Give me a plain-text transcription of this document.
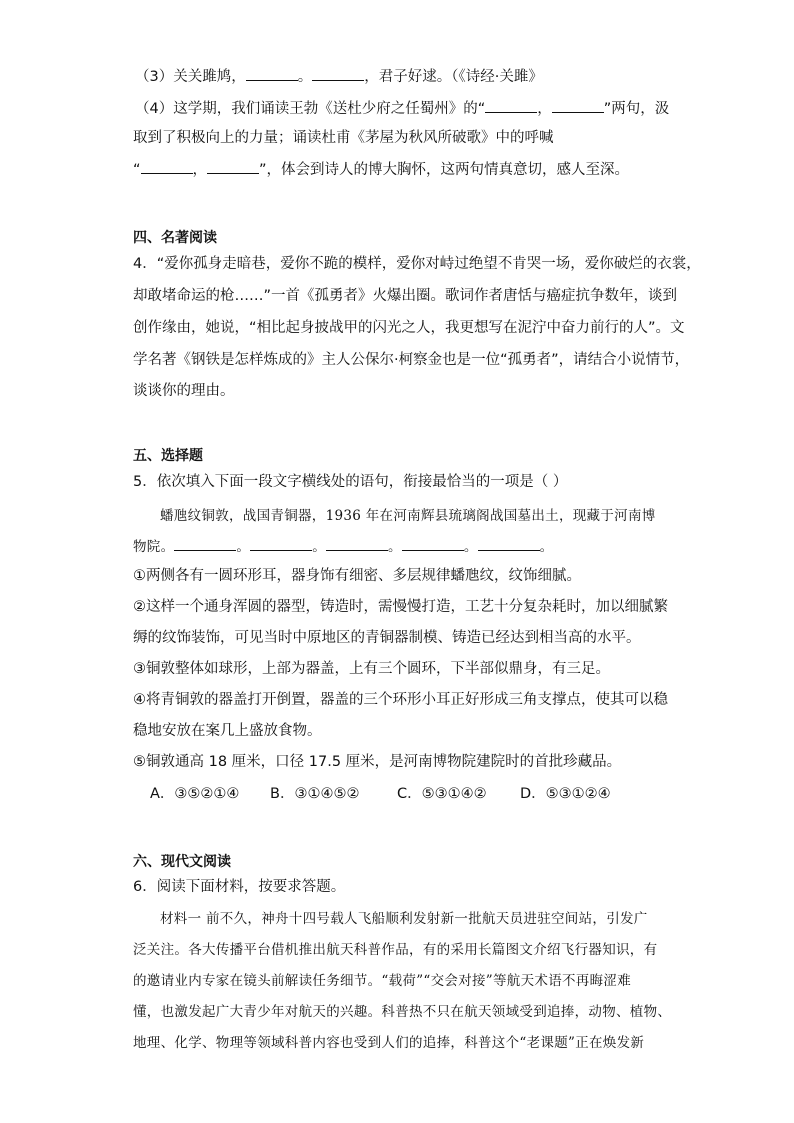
（3）关关雎鸠，	。	，君子好逑。（《诗经·关雎》
（4）这学期，我们诵读王勃《送杜少府之任蜀州》的“	，	”两句，汲
取到了积极向上的力量；诵读杜甫《茅屋为秋风所破歌》中的呼喊
“	，	”，体会到诗人的博大胸怀，这两句情真意切，感人至深。
四、名著阅读
4．“爱你孤身走暗巷，爱你不跪的模样，爱你对峙过绝望不肯哭一场，爱你破烂的衣裳，
却敢堵命运的枪……”一首《孤勇者》火爆出圈。歌词作者唐恬与癌症抗争数年，谈到
创作缘由，她说，“相比起身披战甲的闪光之人，我更想写在泥泞中奋力前行的人”。文
学名著《钢铁是怎样炼成的》主人公保尔·柯察金也是一位“孤勇者”，请结合小说情节，
谈谈你的理由。
五、选择题
5．依次填入下面一段文字横线处的语句，衔接最恰当的一项是（ ）
蟠虺纹铜敦，战国青铜器，1936 年在河南辉县琉璃阁战国墓出土，现藏于河南博
物院。	。	。	。	。	。
①两侧各有一圆环形耳，器身饰有细密、多层规律蟠虺纹，纹饰细腻。
②这样一个通身浑圆的器型，铸造时，需慢慢打造，工艺十分复杂耗时，加以细腻繁
缛的纹饰装饰，可见当时中原地区的青铜器制模、铸造已经达到相当高的水平。
③铜敦整体如球形，上部为器盖，上有三个圆环，下半部似鼎身，有三足。
④将青铜敦的器盖打开倒置，器盖的三个环形小耳正好形成三角支撑点，使其可以稳
稳地安放在案几上盛放食物。
⑤铜敦通高 18 厘米，口径 17.5 厘米，是河南博物院建院时的首批珍藏品。
A．③⑤②①④ B．③①④⑤②	C．⑤③①④② D．⑤③①②④
六、现代文阅读
6．阅读下面材料，按要求答题。
材料一 前不久，神舟十四号载人飞船顺利发射新一批航天员进驻空间站，引发广
泛关注。各大传播平台借机推出航天科普作品，有的采用长篇图文介绍飞行器知识，有
的邀请业内专家在镜头前解读任务细节。“载荷”“交会对接”等航天术语不再晦涩难
懂，也激发起广大青少年对航天的兴趣。科普热不只在航天领域受到追捧，动物、植物、
地理、化学、物理等领域科普内容也受到人们的追捧，科普这个“老课题”正在焕发新
